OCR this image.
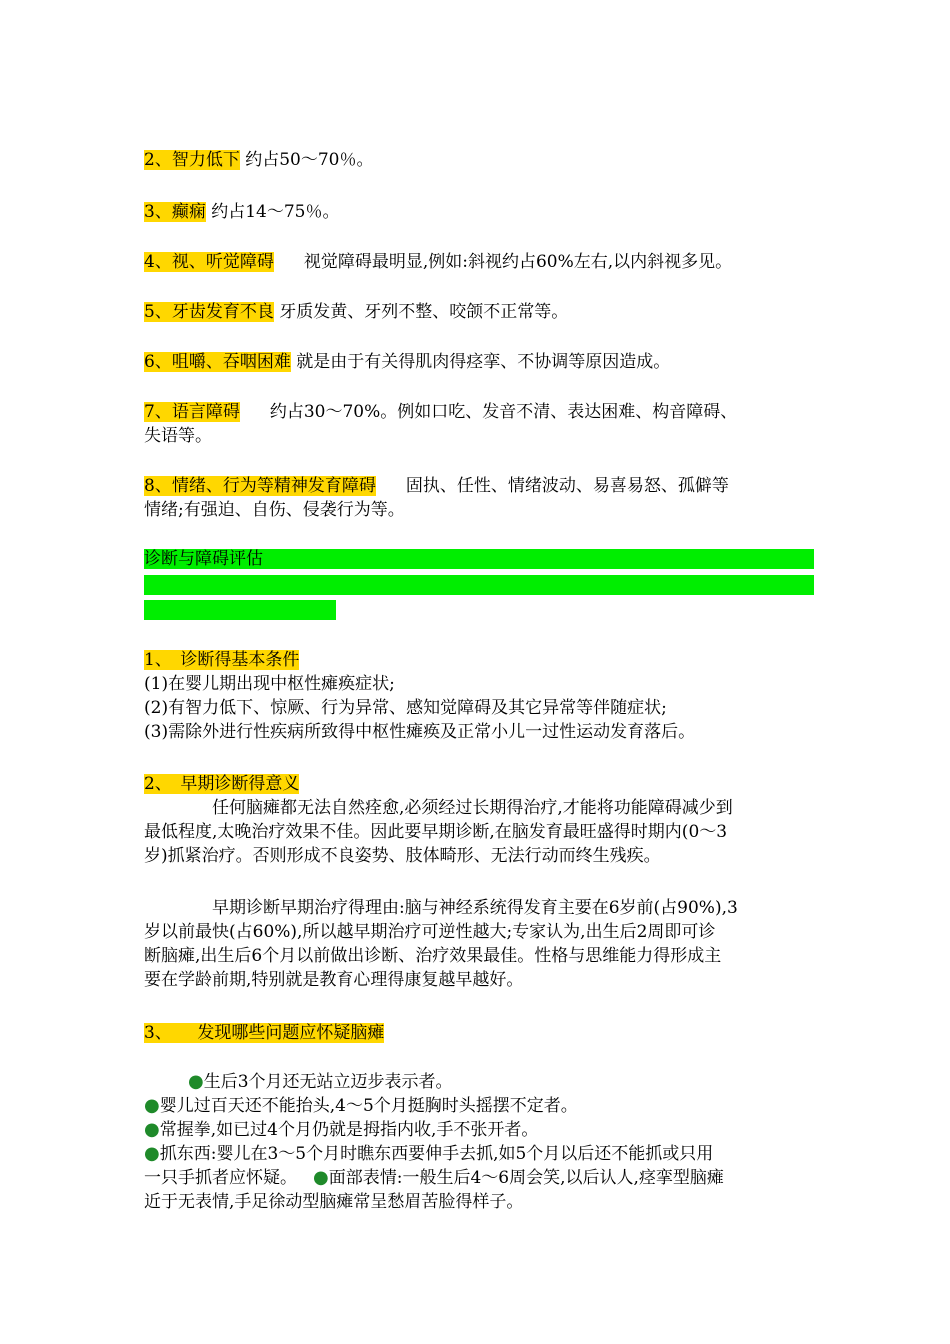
2、智力低下 约占50～70％。
3、癫痫 约占14～75％。
4、视、听觉障碍 视觉障碍最明显,例如:斜视约占60%左右,以内斜视多见。
5、牙齿发育不良 牙质发黄、牙列不整、咬颌不正常等。
6、咀嚼、吞咽困难 就是由于有关得肌肉得痉挛、不协调等原因造成。
7、语言障碍 约占30～70%。例如口吃、发音不清、表达困难、构音障碍、
失语等。
8、情绪、行为等精神发育障碍 固执、任性、情绪波动、易喜易怒、孤僻等
情绪;有强迫、自伤、侵袭行为等。
诊断与障碍评估
1、　诊断得基本条件
(1)在婴儿期出现中枢性瘫痪症状;
(2)有智力低下、惊厥、行为异常、感知觉障碍及其它异常等伴随症状;
(3)需除外进行性疾病所致得中枢性瘫痪及正常小儿一过性运动发育落后。
2、　早期诊断得意义
任何脑瘫都无法自然痊愈,必须经过长期得治疗,才能将功能障碍减少到
最低程度,太晚治疗效果不佳。因此要早期诊断,在脑发育最旺盛得时期内(0～3
岁)抓紧治疗。否则形成不良姿势、肢体畸形、无法行动而终生残疾。
早期诊断早期治疗得理由:脑与神经系统得发育主要在6岁前(占90%),3
岁以前最快(占60%),所以越早期治疗可逆性越大;专家认为,出生后2周即可诊
断脑瘫,出生后6个月以前做出诊断、治疗效果最佳。性格与思维能力得形成主
要在学龄前期,特别就是教育心理得康复越早越好。
3、　　发现哪些问题应怀疑脑瘫
●生后3个月还无站立迈步表示者。
●婴儿过百天还不能抬头,4～5个月挺胸时头摇摆不定者。
●常握拳,如已过4个月仍就是拇指内收,手不张开者。
●抓东西:婴儿在3～5个月时瞧东西要伸手去抓,如5个月以后还不能抓或只用
一只手抓者应怀疑。 ●面部表情:一般生后4～6周会笑,以后认人,痉挛型脑瘫
近于无表情,手足徐动型脑瘫常呈愁眉苦脸得样子。
